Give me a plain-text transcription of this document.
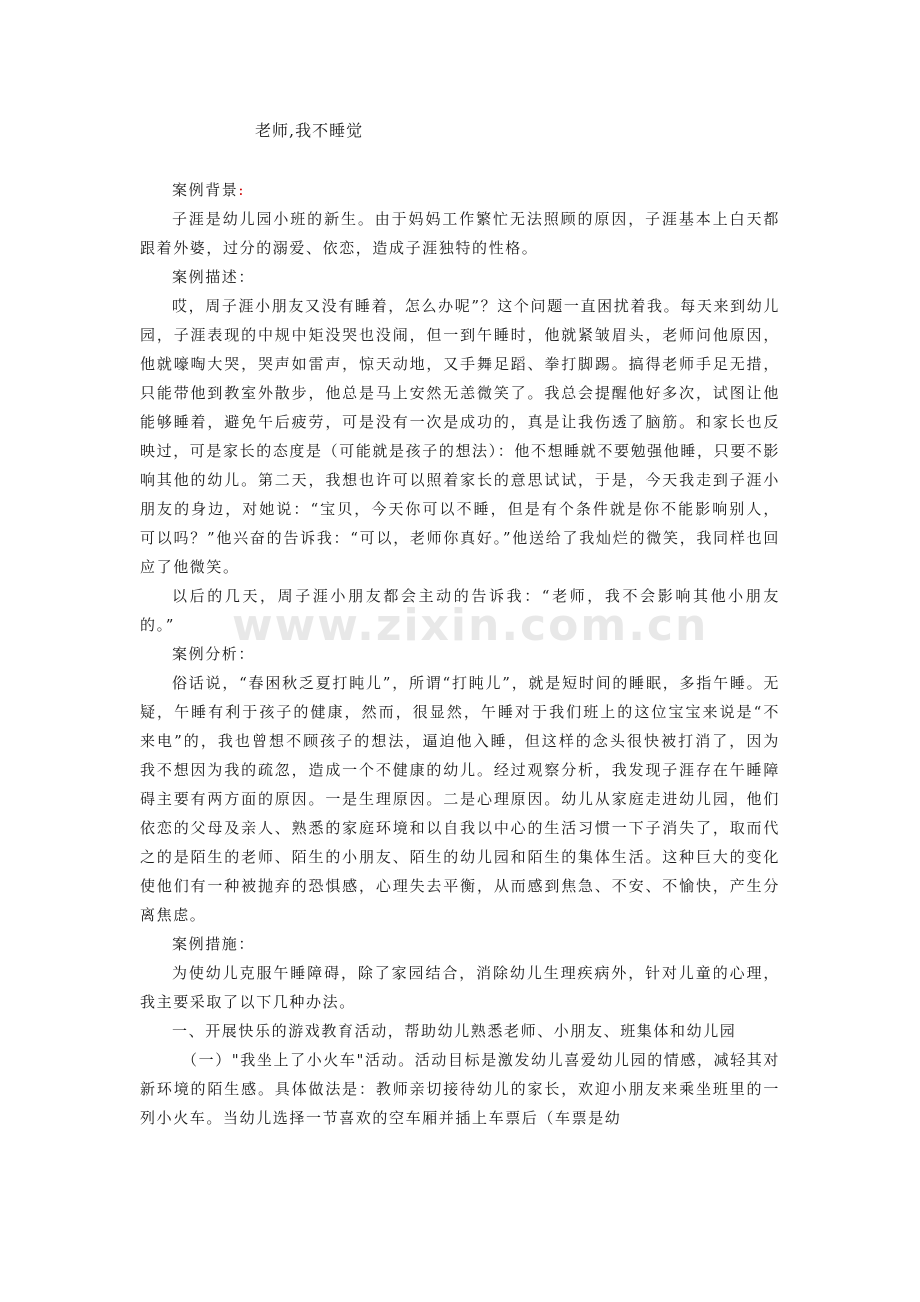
老师,我不睡觉

案例背景:

子涯是幼儿园小班的新生。由于妈妈工作繁忙无法照顾的原因，子涯基本上白天都跟着外婆，过分的溺爱、依恋，造成子涯独特的性格。

案例描述：

哎，周子涯小朋友又没有睡着，怎么办呢”？这个问题一直困扰着我。每天来到幼儿园，子涯表现的中规中矩没哭也没闹，但一到午睡时，他就紧皱眉头，老师问他原因，他就嚎啕大哭，哭声如雷声，惊天动地，又手舞足蹈、拳打脚踢。搞得老师手足无措，只能带他到教室外散步，他总是马上安然无恙微笑了。我总会提醒他好多次，试图让他能够睡着，避免午后疲劳，可是没有一次是成功的，真是让我伤透了脑筋。和家长也反映过，可是家长的态度是（可能就是孩子的想法）：他不想睡就不要勉强他睡，只要不影响其他的幼儿。第二天，我想也许可以照着家长的意思试试，于是，今天我走到子涯小朋友的身边，对她说：“宝贝，今天你可以不睡，但是有个条件就是你不能影响别人，可以吗？”他兴奋的告诉我：“可以，老师你真好。”他送给了我灿烂的微笑，我同样也回应了他微笑。

以后的几天，周子涯小朋友都会主动的告诉我：“老师，我不会影响其他小朋友的。”

案例分析：

俗话说，“春困秋乏夏打盹儿”，所谓“打盹儿”，就是短时间的睡眠，多指午睡。无疑，午睡有利于孩子的健康，然而，很显然，午睡对于我们班上的这位宝宝来说是“不来电”的，我也曾想不顾孩子的想法，逼迫他入睡，但这样的念头很快被打消了，因为我不想因为我的疏忽，造成一个不健康的幼儿。经过观察分析，我发现子涯存在午睡障碍主要有两方面的原因。一是生理原因。二是心理原因。幼儿从家庭走进幼儿园，他们依恋的父母及亲人、熟悉的家庭环境和以自我以中心的生活习惯一下子消失了，取而代之的是陌生的老师、陌生的小朋友、陌生的幼儿园和陌生的集体生活。这种巨大的变化使他们有一种被抛弃的恐惧感，心理失去平衡，从而感到焦急、不安、不愉快，产生分离焦虑。

案例措施：

为使幼儿克服午睡障碍，除了家园结合，消除幼儿生理疾病外，针对儿童的心理，我主要采取了以下几种办法。

一、开展快乐的游戏教育活动，帮助幼儿熟悉老师、小朋友、班集体和幼儿园

（一）"我坐上了小火车"活动。活动目标是激发幼儿喜爱幼儿园的情感，减轻其对新环境的陌生感。具体做法是：教师亲切接待幼儿的家长，欢迎小朋友来乘坐班里的一列小火车。当幼儿选择一节喜欢的空车厢并插上车票后（车票是幼

www.zixin.com.cn
